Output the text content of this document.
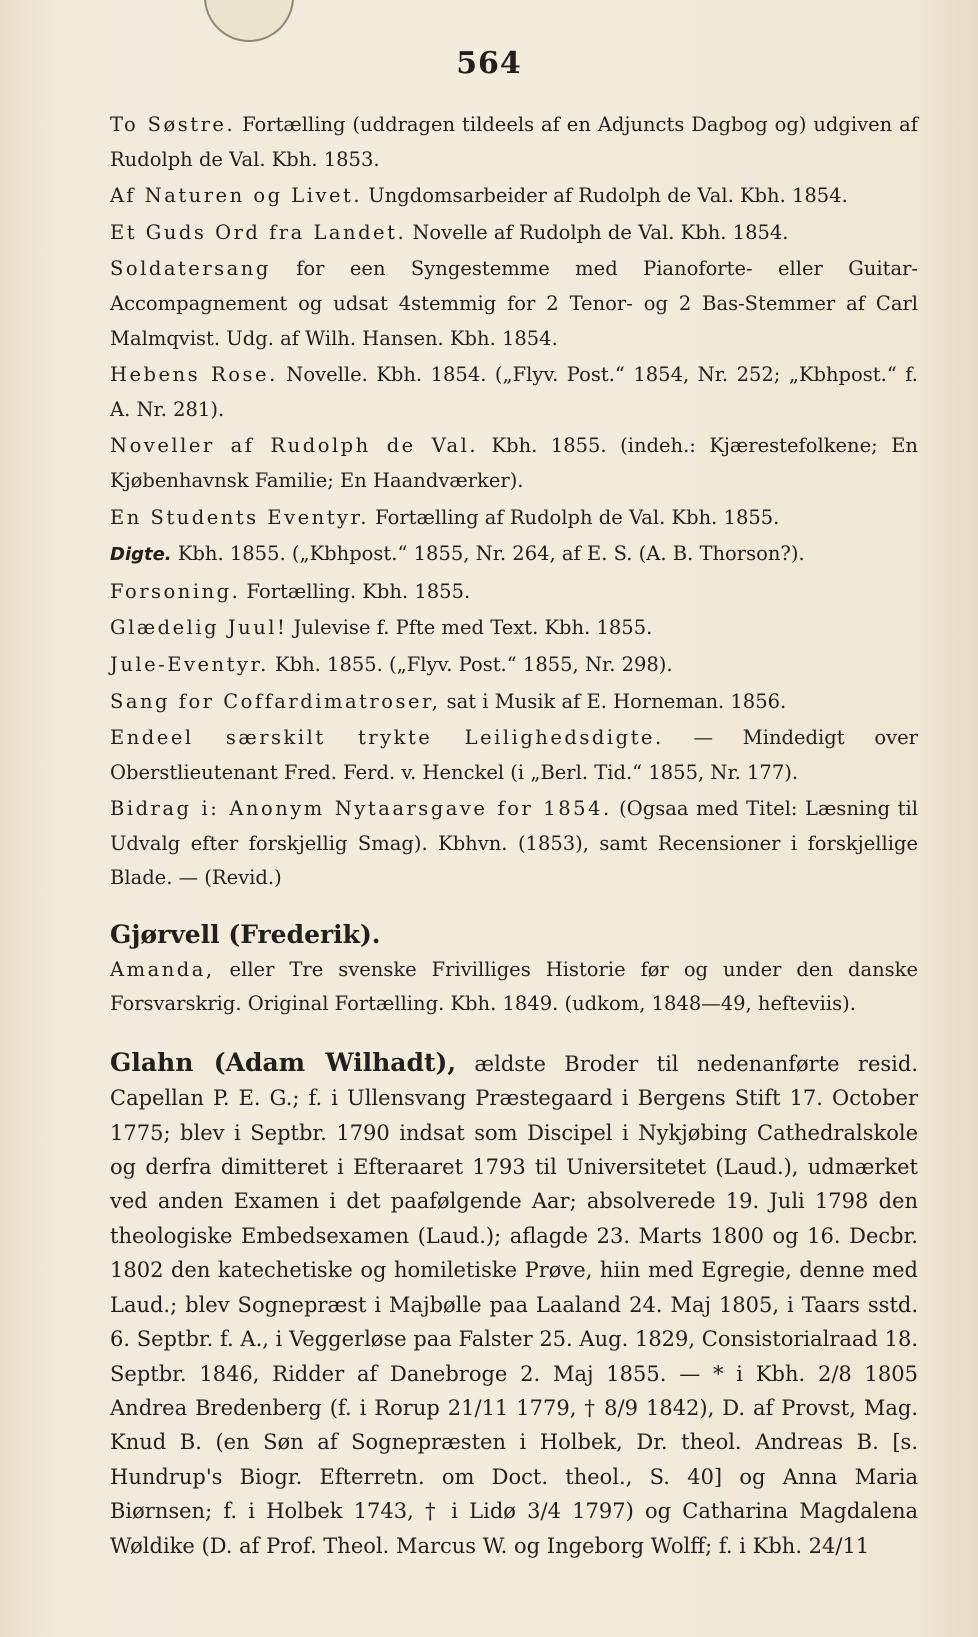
564
To Søstre. Fortælling (uddragen tildeels af en Adjuncts Dagbog og) udgiven af Rudolph de Val. Kbh. 1853.
Af Naturen og Livet. Ungdomsarbeider af Rudolph de Val. Kbh. 1854.
Et Guds Ord fra Landet. Novelle af Rudolph de Val. Kbh. 1854.
Soldatersang for een Syngestemme med Pianoforte- eller Guitar-Accompagnement og udsat 4stemmig for 2 Tenor- og 2 Bas-Stemmer af Carl Malmqvist. Udg. af Wilh. Hansen. Kbh. 1854.
Hebens Rose. Novelle. Kbh. 1854. („Flyv. Post.“ 1854, Nr. 252; „Kbhpost.“ f. A. Nr. 281).
Noveller af Rudolph de Val. Kbh. 1855. (indeh.: Kjærestefolkene; En Kjøbenhavnsk Familie; En Haandværker).
En Students Eventyr. Fortælling af Rudolph de Val. Kbh. 1855.
Digte. Kbh. 1855. („Kbhpost.“ 1855, Nr. 264, af E. S. (A. B. Thorson?).
Forsoning. Fortælling. Kbh. 1855.
Glædelig Juul! Julevise f. Pfte med Text. Kbh. 1855.
Jule-Eventyr. Kbh. 1855. („Flyv. Post.“ 1855, Nr. 298).
Sang for Coffardimatroser, sat i Musik af E. Horneman. 1856.
Endeel særskilt trykte Leilighedsdigte. — Mindedigt over Oberstlieutenant Fred. Ferd. v. Henckel (i „Berl. Tid.“ 1855, Nr. 177).
Bidrag i: Anonym Nytaarsgave for 1854. (Ogsaa med Titel: Læsning til Udvalg efter forskjellig Smag). Kbhvn. (1853), samt Recensioner i forskjellige Blade. — (Revid.)
Gjørvell (Frederik).
Amanda, eller Tre svenske Frivilliges Historie før og under den danske Forsvarskrig. Original Fortælling. Kbh. 1849. (udkom, 1848—49, hefteviis).
Glahn (Adam Wilhadt), ældste Broder til nedenanførte resid. Capellan P. E. G.; f. i Ullensvang Præstegaard i Bergens Stift 17. October 1775; blev i Septbr. 1790 indsat som Discipel i Nykjøbing Cathedralskole og derfra dimitteret i Efteraaret 1793 til Universitetet (Laud.), udmærket ved anden Examen i det paafølgende Aar; absolverede 19. Juli 1798 den theologiske Embedsexamen (Laud.); aflagde 23. Marts 1800 og 16. Decbr. 1802 den katechetiske og homiletiske Prøve, hiin med Egregie, denne med Laud.; blev Sognepræst i Majbølle paa Laaland 24. Maj 1805, i Taars sstd. 6. Septbr. f. A., i Veggerløse paa Falster 25. Aug. 1829, Consistorialraad 18. Septbr. 1846, Ridder af Danebroge 2. Maj 1855. — * i Kbh. 2/8 1805 Andrea Bredenberg (f. i Rorup 21/11 1779, † 8/9 1842), D. af Provst, Mag. Knud B. (en Søn af Sognepræsten i Holbek, Dr. theol. Andreas B. [s. Hundrup's Biogr. Efterretn. om Doct. theol., S. 40] og Anna Maria Biørnsen; f. i Holbek 1743, † i Lidø 3/4 1797) og Catharina Magdalena Wøldike (D. af Prof. Theol. Marcus W. og Ingeborg Wolff; f. i Kbh. 24/11
